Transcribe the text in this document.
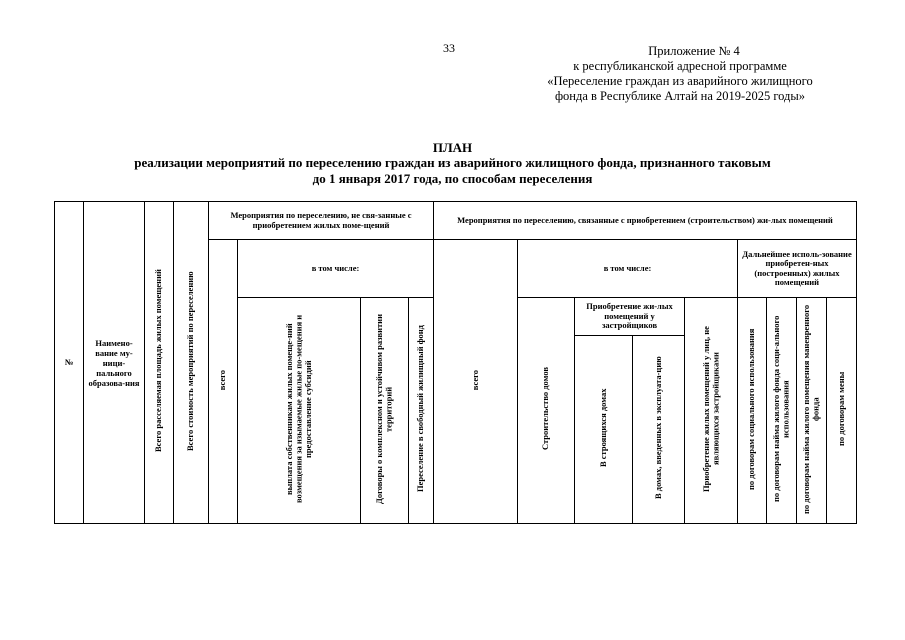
33	Приложение № 4
к республиканской адресной программе
«Переселение граждан из аварийного жилищного
фонда в Республике Алтай на 2019-2025 годы»
ПЛАН
реализации мероприятий по переселению граждан из аварийного жилищного фонда, признанного таковым
до 1 января 2017 года, по способам переселения
№	Наимено-вание му-ници-пального образова-ния	Всего расселяемая площадь жилых помещений	Всего стоимость мероприятий по переселению	Мероприятия по переселению, не свя-занные с приобретением жилых поме-щений				Мероприятия по переселению, связанные с приобретением (строительством) жи-лых помещений								
				всего	в том числе:			всего	в том числе:				Дальнейшее исполь-зование приобретен-ных (построенных) жилых помещений			
					выплата собственникам жилых помеще-ний возмещения за изымаемые жилые по-мещения и предоставление субсидий	Договоры о комплексном и устойчивом развитии территорий	Переселение в свободный жилищный фонд		Строительство домов	Приобретение жи-лых помещений у застройщиков		Приобретение жилых помещений у лиц, не являющихся застройщиками	по договорам социального использования	по договорам найма жилого фонда соци-ального использования	по договорам найма жилого помещения маневренного фонда	по договорам мены
										В строящихся домах	В домах, введенных в эксплуата-цию					
